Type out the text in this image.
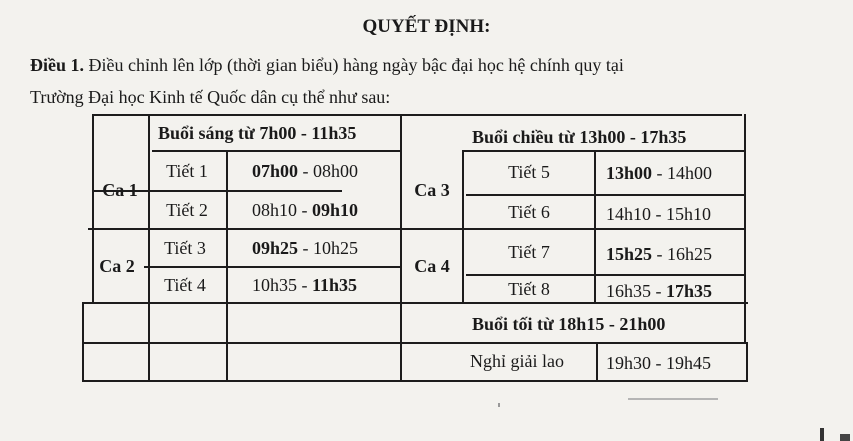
QUYẾT ĐỊNH:
Điều 1. Điều chỉnh lên lớp (thời gian biểu) hàng ngày bậc đại học hệ chính quy tại
Trường Đại học Kinh tế Quốc dân cụ thể như sau:
Buổi sáng từ 7h00 - 11h35	Buổi chiều từ 13h00 - 17h35
Ca 1
Ca 2
Tiết 1
Tiết 2
Tiết 3
Tiết 4
07h00 - 08h00
08h10 - 09h10
09h25 - 10h25
10h35 - 11h35
Ca 3
Ca 4
Tiết 5
Tiết 6
Tiết 7
Tiết 8
13h00 - 14h00
14h10 - 15h10
15h25 - 16h25
16h35 - 17h35
Buổi tối từ 18h15 - 21h00
Nghỉ giải lao 19h30 - 19h45
